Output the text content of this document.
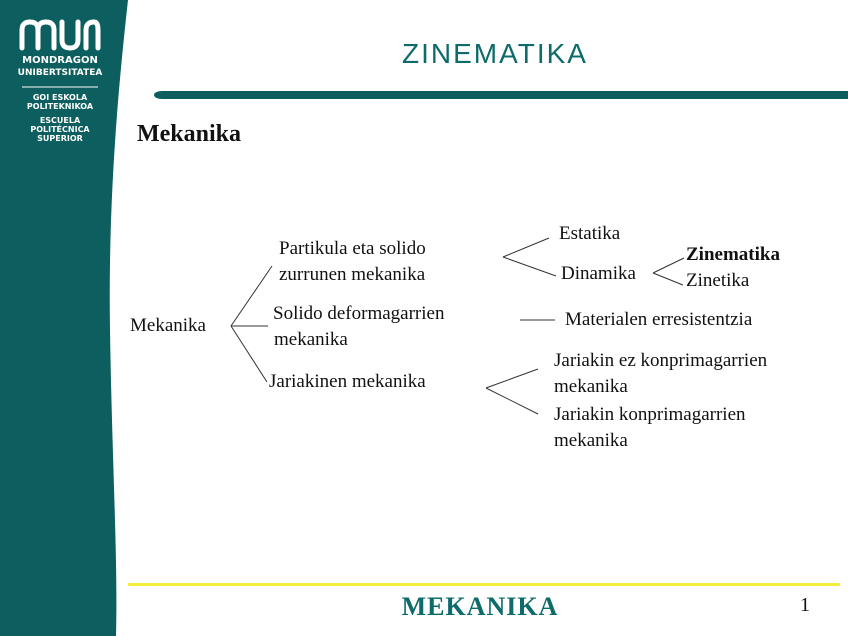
MONDRAGON
UNIBERTSITATEA
GOI ESKOLA
POLITEKNIKOA
ESCUELA
POLITÉCNICA
SUPERIOR
ZINEMATIKA
Mekanika
Mekanika
Partikula eta solido
zurrunen mekanika
Solido deformagarrien
mekanika
Jariakinen mekanika
Estatika
Dinamika
Zinematika
Zinetika
Materialen erresistentzia
Jariakin ez konprimagarrien
mekanika
Jariakin konprimagarrien
mekanika
MEKANIKA	1
